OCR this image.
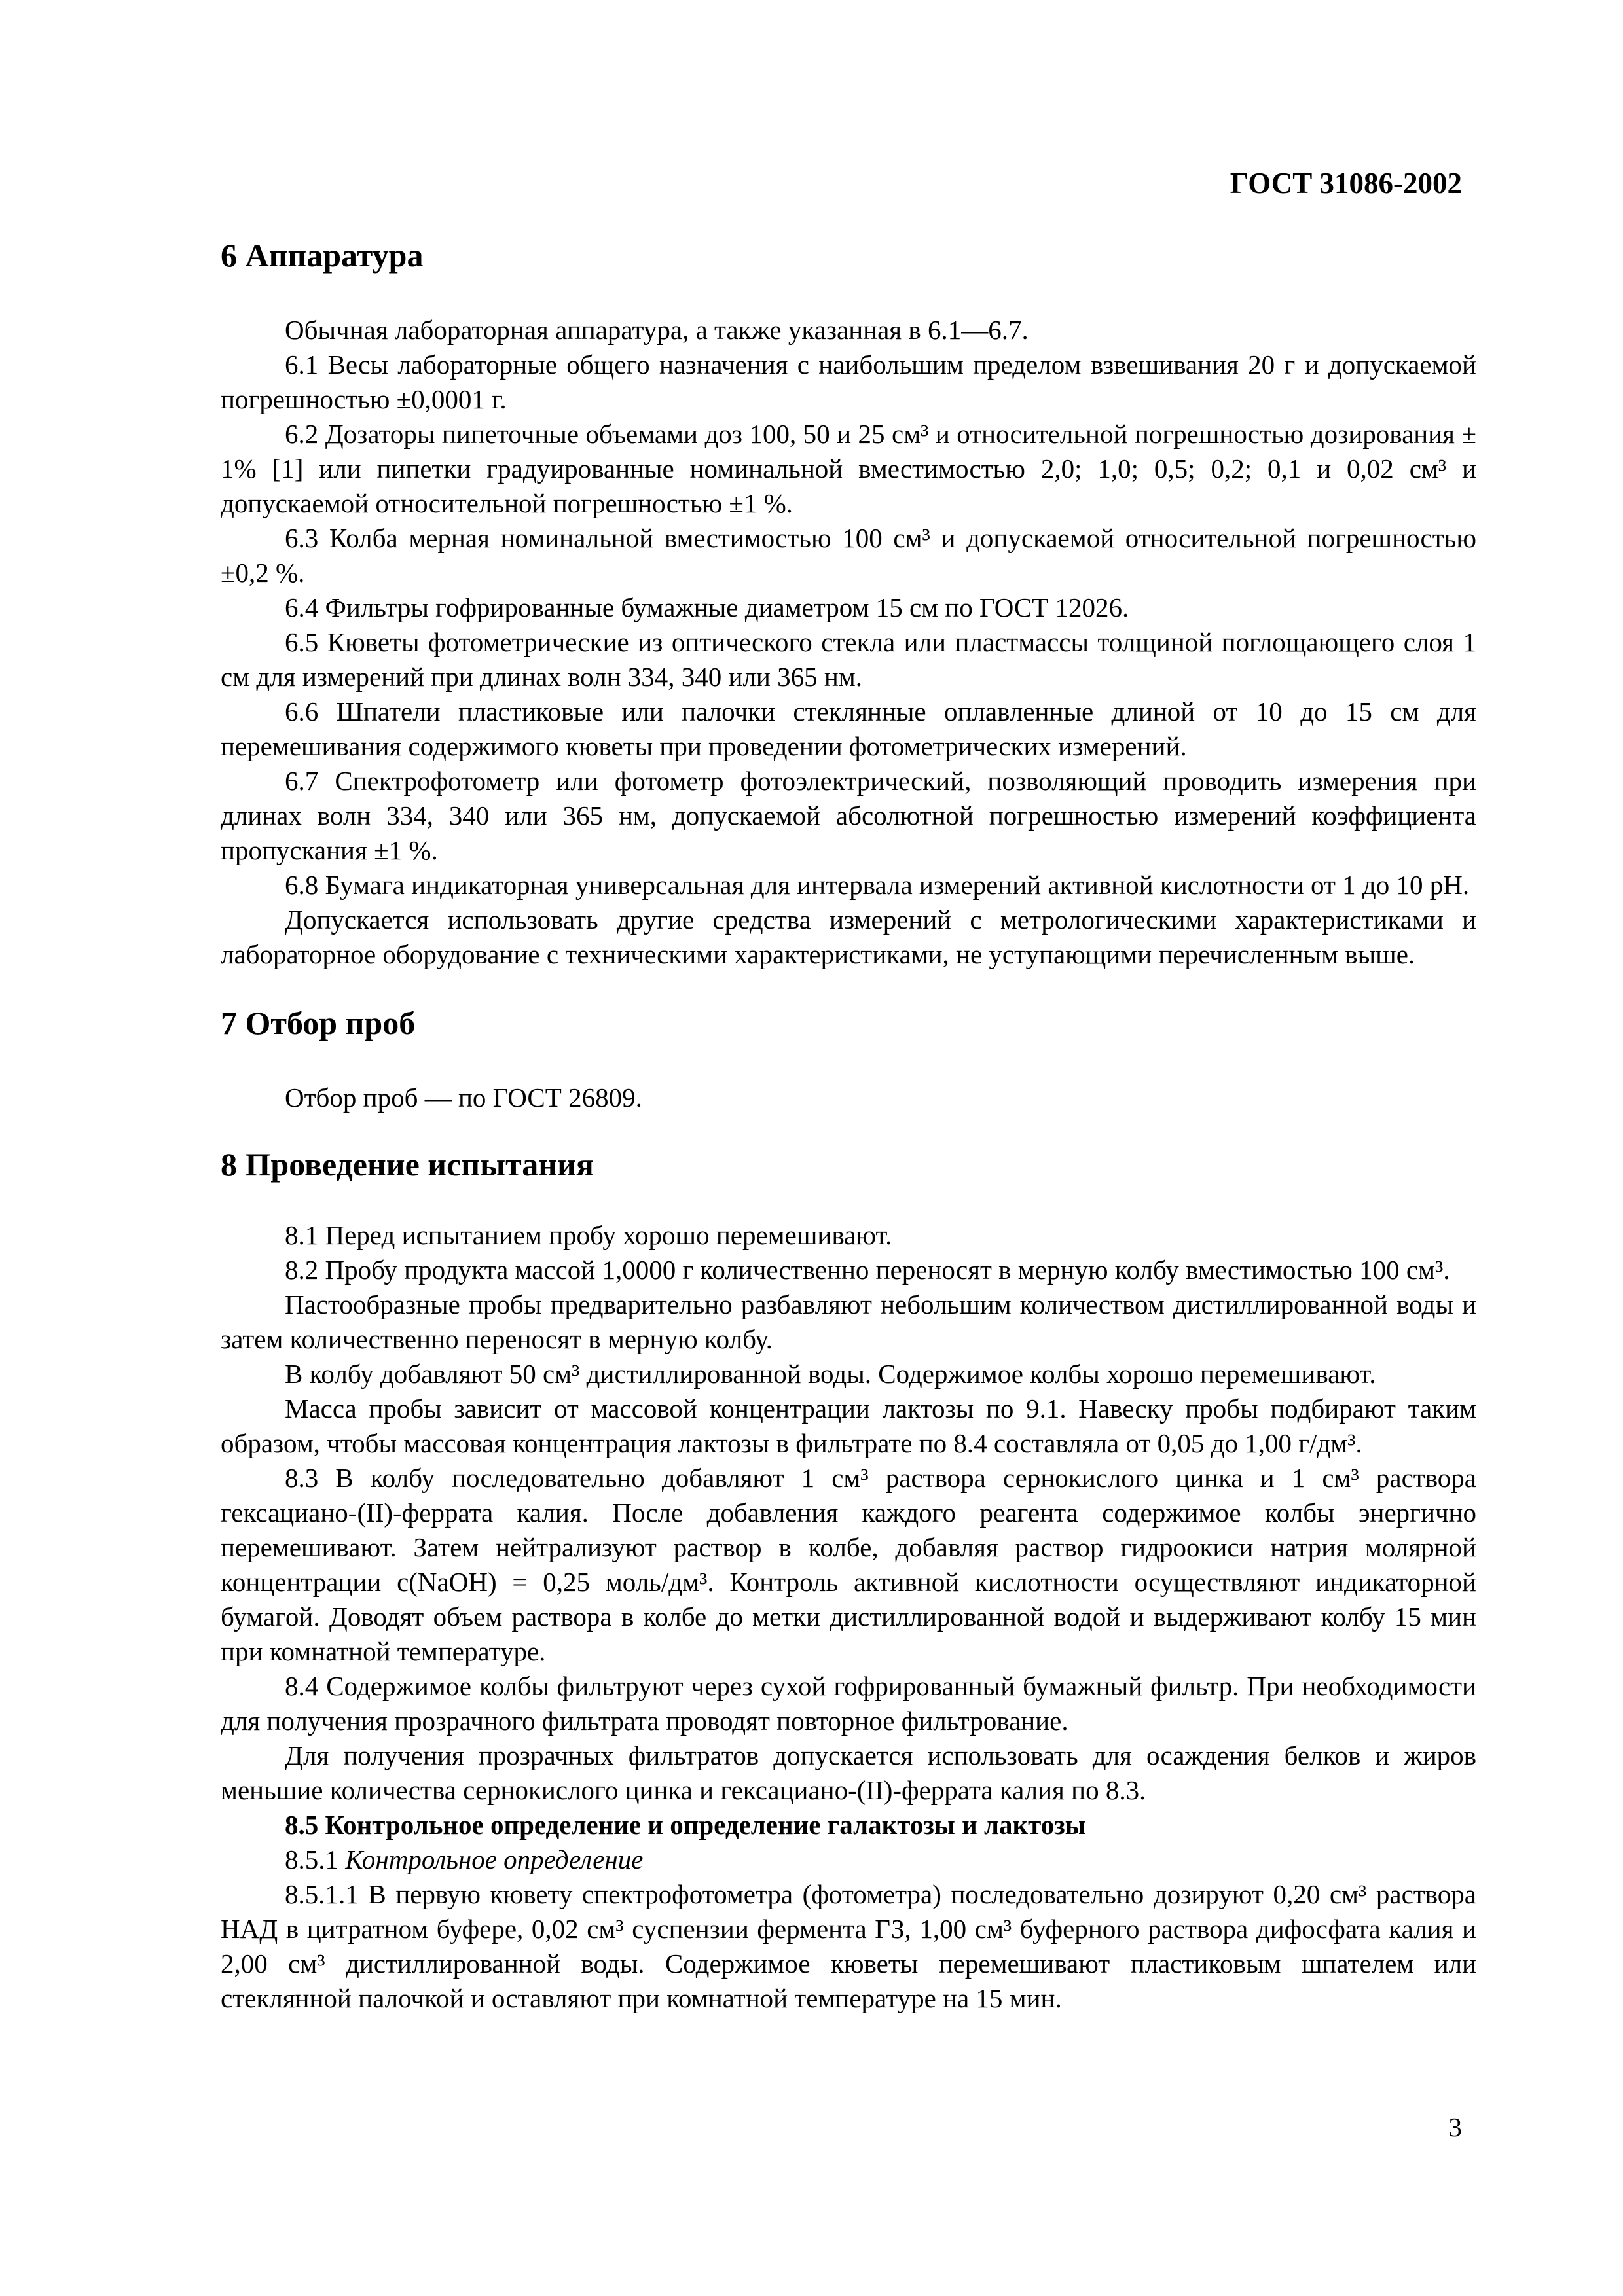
ГОСТ 31086-2002
6 Аппаратура

Обычная лабораторная аппаратура, а также указанная в 6.1—6.7.

6.1 Весы лабораторные общего назначения с наибольшим пределом взвешивания 20 г и допускаемой погрешностью ±0,0001 г.

6.2 Дозаторы пипеточные объемами доз 100, 50 и 25 см³ и относительной погрешностью дозирования ± 1% [1] или пипетки градуированные номинальной вместимостью 2,0; 1,0; 0,5; 0,2; 0,1 и 0,02 см³ и допускаемой относительной погрешностью ±1 %.

6.3 Колба мерная номинальной вместимостью 100 см³ и допускаемой относительной погрешностью ±0,2 %.

6.4 Фильтры гофрированные бумажные диаметром 15 см по ГОСТ 12026.

6.5 Кюветы фотометрические из оптического стекла или пластмассы толщиной поглощающего слоя 1 см для измерений при длинах волн 334, 340 или 365 нм.

6.6 Шпатели пластиковые или палочки стеклянные оплавленные длиной от 10 до 15 см для перемешивания содержимого кюветы при проведении фотометрических измерений.

6.7 Спектрофотометр или фотометр фотоэлектрический, позволяющий проводить измерения при длинах волн 334, 340 или 365 нм, допускаемой абсолютной погрешностью измерений коэффициента пропускания ±1 %.

6.8 Бумага индикаторная универсальная для интервала измерений активной кислотности от 1 до 10 рН.

Допускается использовать другие средства измерений с метрологическими характеристиками и лабораторное оборудование с техническими характеристиками, не уступающими перечисленным выше.

7 Отбор проб

Отбор проб — по ГОСТ 26809.

8 Проведение испытания

8.1 Перед испытанием пробу хорошо перемешивают.

8.2 Пробу продукта массой 1,0000 г количественно переносят в мерную колбу вместимостью 100 см³.

Пастообразные пробы предварительно разбавляют небольшим количеством дистиллированной воды и затем количественно переносят в мерную колбу.

В колбу добавляют 50 см³ дистиллированной воды. Содержимое колбы хорошо перемешивают.

Масса пробы зависит от массовой концентрации лактозы по 9.1. Навеску пробы подбирают таким образом, чтобы массовая концентрация лактозы в фильтрате по 8.4 составляла от 0,05 до 1,00 г/дм³.

8.3 В колбу последовательно добавляют 1 см³ раствора сернокислого цинка и 1 см³ раствора гексациано-(II)-феррата калия. После добавления каждого реагента содержимое колбы энергично перемешивают. Затем нейтрализуют раствор в колбе, добавляя раствор гидроокиси натрия молярной концентрации c(NaOH) = 0,25 моль/дм³. Контроль активной кислотности осуществляют индикаторной бумагой. Доводят объем раствора в колбе до метки дистиллированной водой и выдерживают колбу 15 мин при комнатной температуре.

8.4 Содержимое колбы фильтруют через сухой гофрированный бумажный фильтр. При необходимости для получения прозрачного фильтрата проводят повторное фильтрование.

Для получения прозрачных фильтратов допускается использовать для осаждения белков и жиров меньшие количества сернокислого цинка и гексациано-(II)-феррата калия по 8.3.

8.5 Контрольное определение и определение галактозы и лактозы

8.5.1 Контрольное определение

8.5.1.1 В первую кювету спектрофотометра (фотометра) последовательно дозируют 0,20 см³ раствора НАД в цитратном буфере, 0,02 см³ суспензии фермента ГЗ, 1,00 см³ буферного раствора дифосфата калия и 2,00 см³ дистиллированной воды. Содержимое кюветы перемешивают пластиковым шпателем или стеклянной палочкой и оставляют при комнатной температуре на 15 мин.

3
